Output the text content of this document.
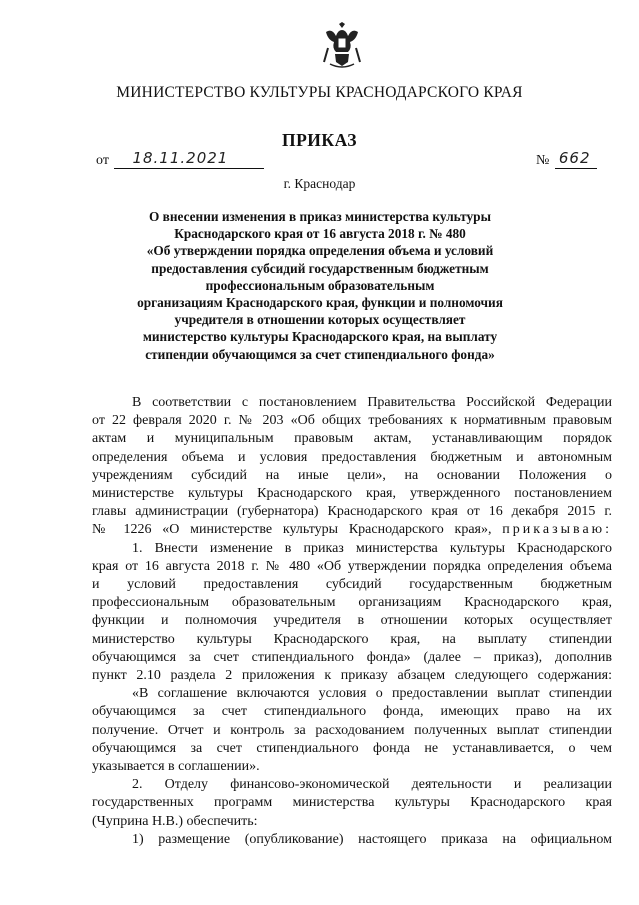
МИНИСТЕРСТВО КУЛЬТУРЫ КРАСНОДАРСКОГО КРАЯ
ПРИКАЗ
от 18.11.2021	№ 662
г. Краснодар
О внесении изменения в приказ министерства культуры
Краснодарского края от 16 августа 2018 г. № 480
«Об утверждении порядка определения объема и условий
предоставления субсидий государственным бюджетным
профессиональным образовательным
организациям Краснодарского края, функции и полномочия
учредителя в отношении которых осуществляет
министерство культуры Краснодарского края, на выплату
стипендии обучающимся за счет стипендиального фонда»
В соответствии с постановлением Правительства Российской Федерации
от 22 февраля 2020 г. № 203 «Об общих требованиях к нормативным правовым
актам и муниципальным правовым актам, устанавливающим порядок
определения объема и условия предоставления бюджетным и автономным
учреждениям субсидий на иные цели», на основании Положения о
министерстве культуры Краснодарского края, утвержденного постановлением
главы администрации (губернатора) Краснодарского края от 16 декабря 2015 г.
№ 1226 «О министерстве культуры Краснодарского края», приказываю:
1. Внести изменение в приказ министерства культуры Краснодарского
края от 16 августа 2018 г. № 480 «Об утверждении порядка определения объема
и условий предоставления субсидий государственным бюджетным
профессиональным образовательным организациям Краснодарского края,
функции и полномочия учредителя в отношении которых осуществляет
министерство культуры Краснодарского края, на выплату стипендии
обучающимся за счет стипендиального фонда» (далее – приказ), дополнив
пункт 2.10 раздела 2 приложения к приказу абзацем следующего содержания:
«В соглашение включаются условия о предоставлении выплат стипендии
обучающимся за счет стипендиального фонда, имеющих право на их
получение. Отчет и контроль за расходованием полученных выплат стипендии
обучающимся за счет стипендиального фонда не устанавливается, о чем
указывается в соглашении».
2. Отделу финансово-экономической деятельности и реализации
государственных программ министерства культуры Краснодарского края
(Чуприна Н.В.) обеспечить:
1) размещение (опубликование) настоящего приказа на официальном
